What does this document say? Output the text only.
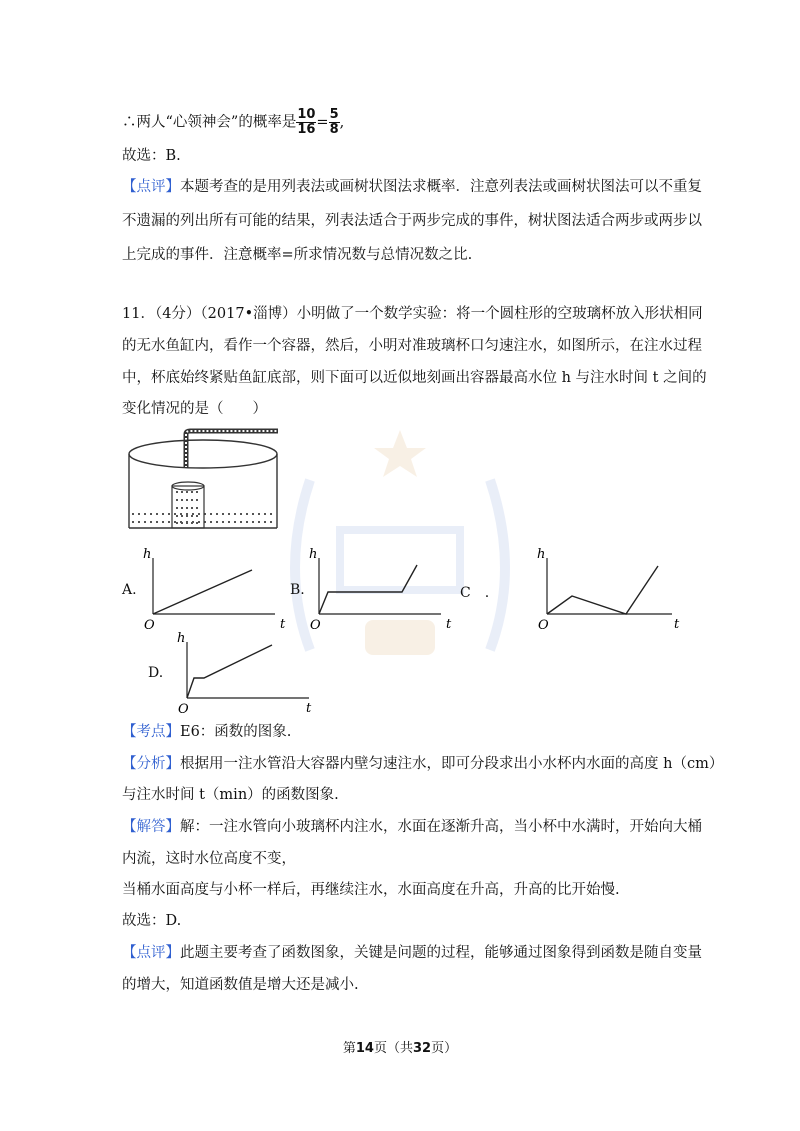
∴两人“心领神会”的概率是 $\frac{10}{16} = \frac{5}{8}$ ,
故选：B.
【点评】本题考查的是用列表法或画树状图法求概率．注意列表法或画树状图法可以不重复
不遗漏的列出所有可能的结果，列表法适合于两步完成的事件，树状图法适合两步或两步以
上完成的事件．注意概率=所求情况数与总情况数之比.
11．（4分）（2017•淄博）小明做了一个数学实验：将一个圆柱形的空玻璃杯放入形状相同
的无水鱼缸内，看作一个容器，然后，小明对准玻璃杯口匀速注水，如图所示，在注水过程
中，杯底始终紧贴鱼缸底部，则下面可以近似地刻画出容器最高水位 h 与注水时间 t 之间的
变化情况的是（　　）
A.	B.	C　.
D.
h
t
O
h
t
O
h
t
O
h
t
O
【考点】E6：函数的图象.
【分析】根据用一注水管沿大容器内壁匀速注水，即可分段求出小水杯内水面的高度 h（cm）
与注水时间 t（min）的函数图象.
【解答】解：一注水管向小玻璃杯内注水，水面在逐渐升高，当小杯中水满时，开始向大桶
内流，这时水位高度不变，
当桶水面高度与小杯一样后，再继续注水，水面高度在升高，升高的比开始慢.
故选：D.
【点评】此题主要考查了函数图象，关键是问题的过程，能够通过图象得到函数是随自变量
的增大，知道函数值是增大还是减小.
第14页（共32页）
